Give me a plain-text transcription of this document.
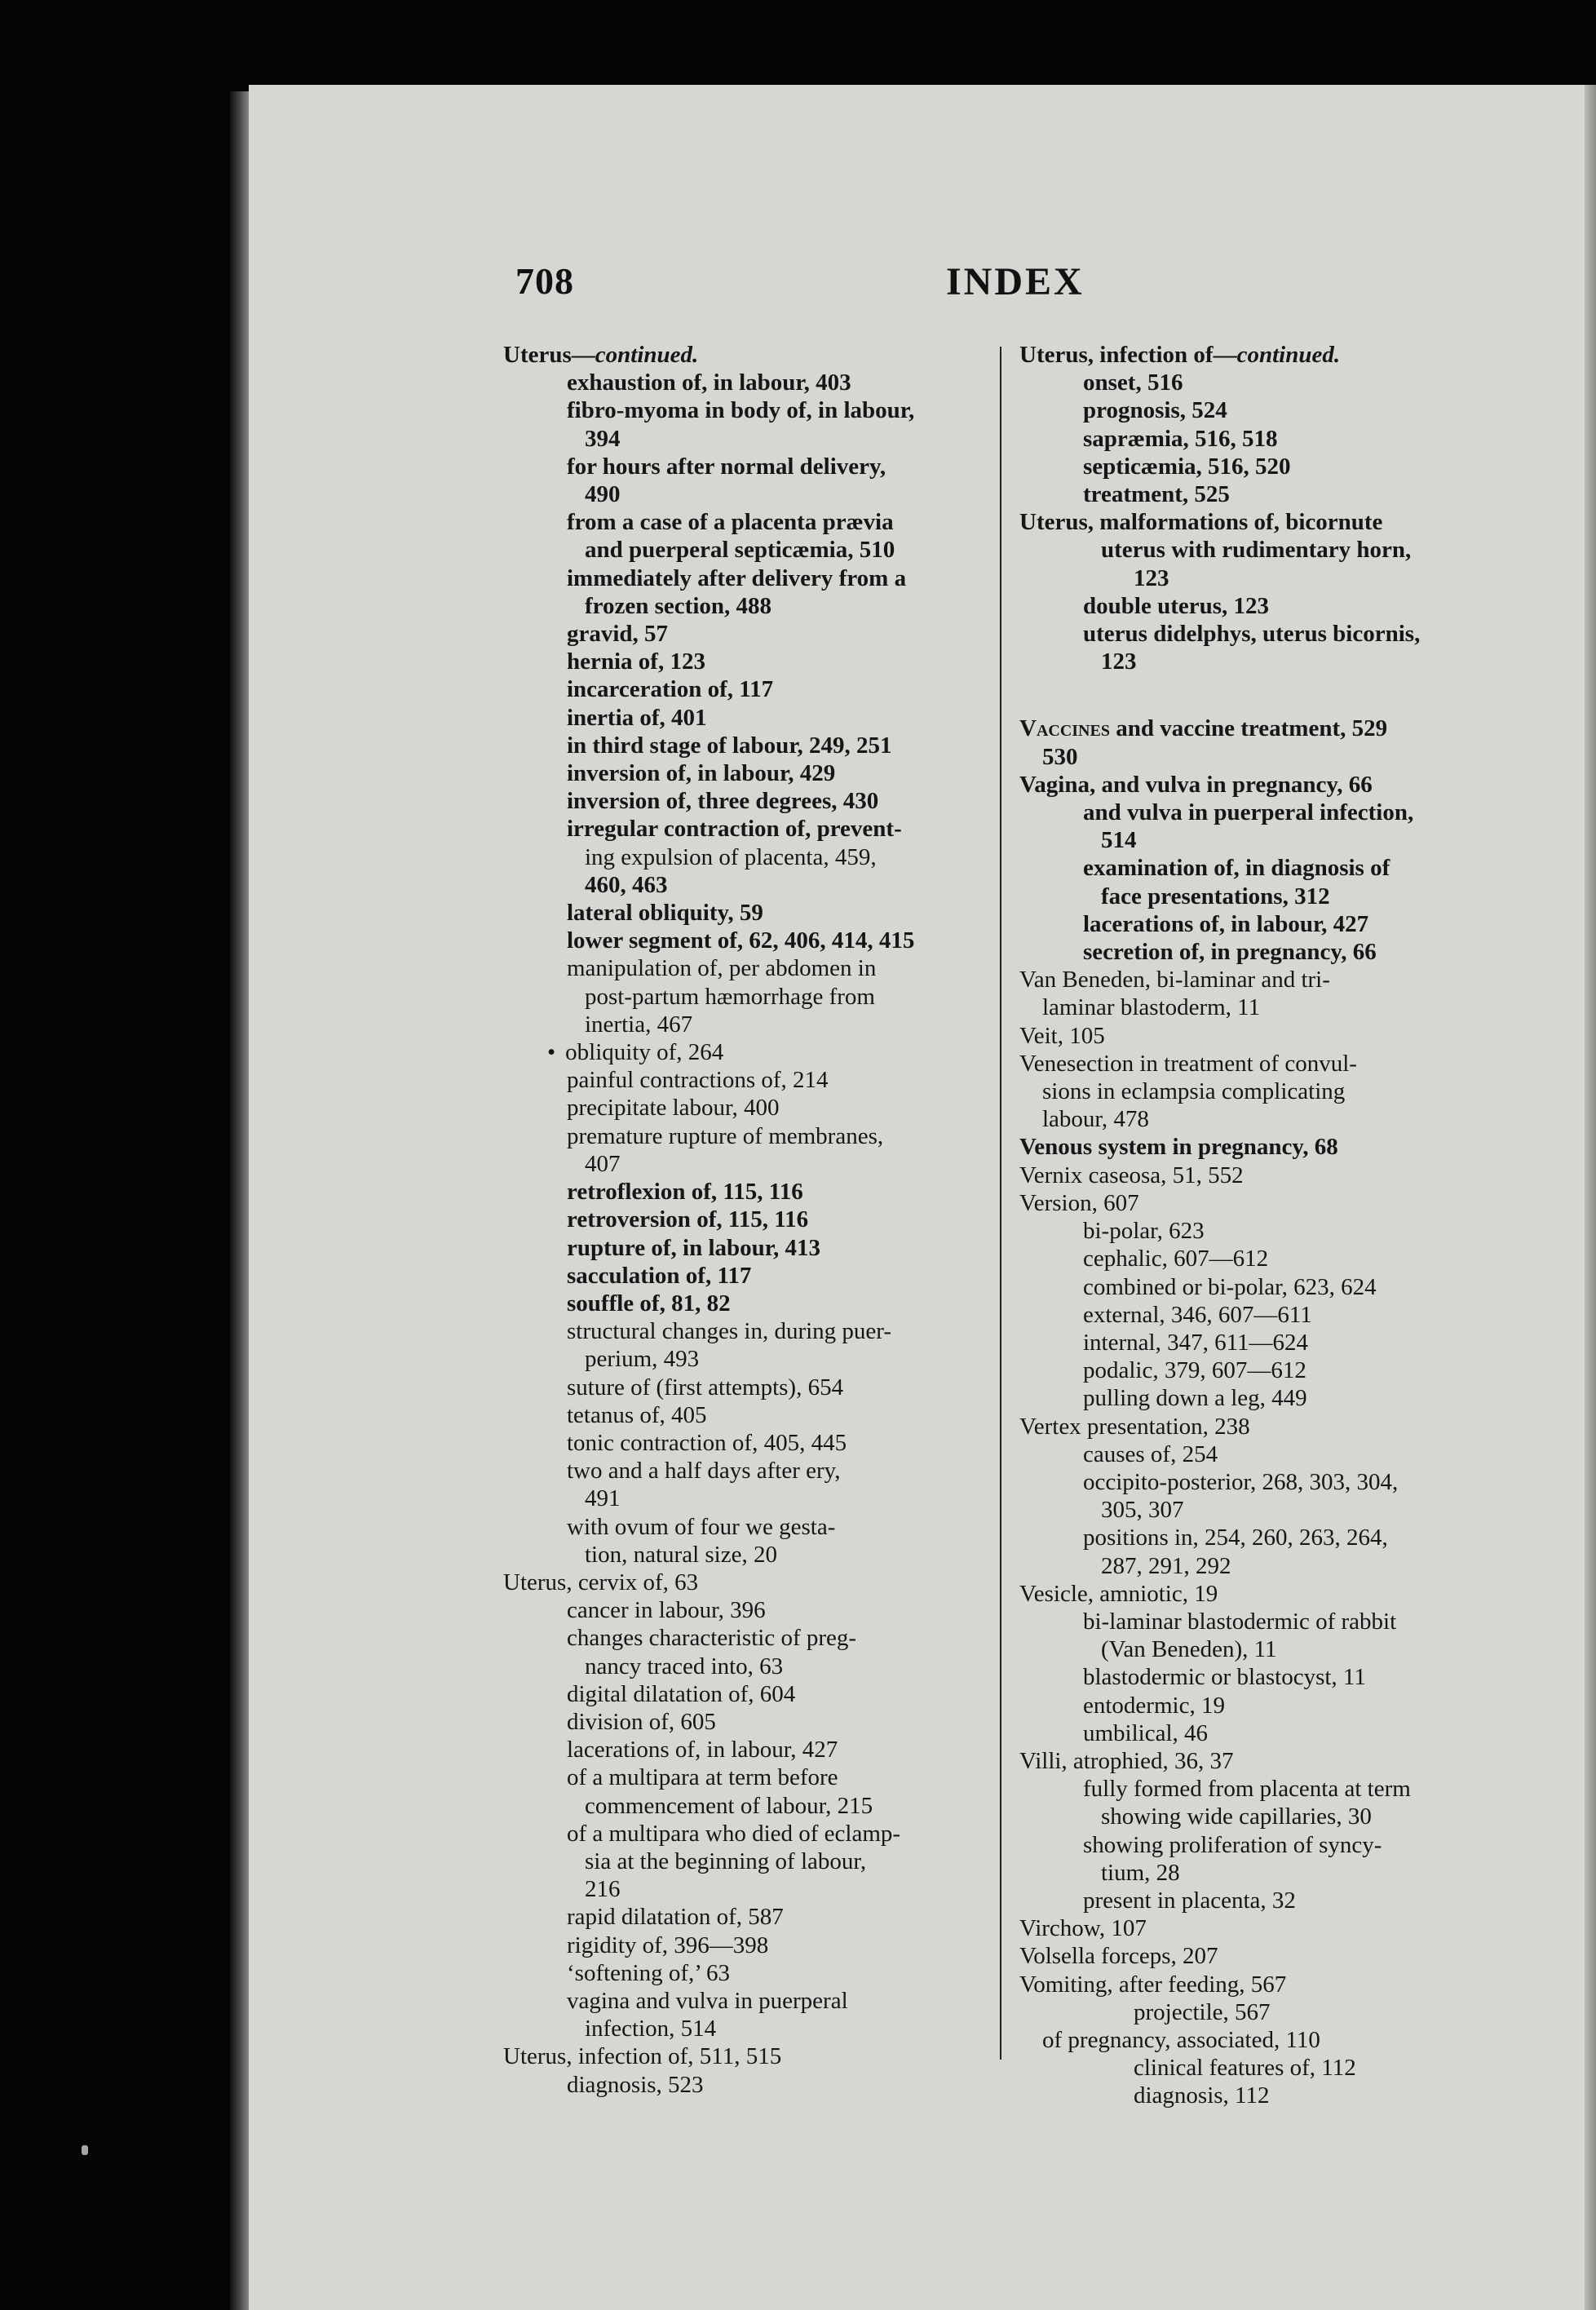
708	INDEX
Uterus—continued.
exhaustion of, in labour, 403
fibro-myoma in body of, in labour,
394
for hours after normal delivery,
490
from a case of a placenta prævia
and puerperal septicæmia, 510
immediately after delivery from a
frozen section, 488
gravid, 57
hernia of, 123
incarceration of, 117
inertia of, 401
in third stage of labour, 249, 251
inversion of, in labour, 429
inversion of, three degrees, 430
irregular contraction of, prevent-
ing expulsion of placenta, 459,
460, 463
lateral obliquity, 59
lower segment of, 62, 406, 414, 415
manipulation of, per abdomen in
post-partum hæmorrhage from
inertia, 467
• obliquity of, 264
painful contractions of, 214
precipitate labour, 400
premature rupture of membranes,
407
retroflexion of, 115, 116
retroversion of, 115, 116
rupture of, in labour, 413
sacculation of, 117
souffle of, 81, 82
structural changes in, during puer-
perium, 493
suture of (first attempts), 654
tetanus of, 405
tonic contraction of, 405, 445
two and a half days after ery,
491
with ovum of four we gesta-
tion, natural size, 20
Uterus, cervix of, 63
cancer in labour, 396
changes characteristic of preg-
nancy traced into, 63
digital dilatation of, 604
division of, 605
lacerations of, in labour, 427
of a multipara at term before
commencement of labour, 215
of a multipara who died of eclamp-
sia at the beginning of labour,
216
rapid dilatation of, 587
rigidity of, 396—398
‘softening of,’ 63
vagina and vulva in puerperal
infection, 514
Uterus, infection of, 511, 515
diagnosis, 523
Uterus, infection of—continued.
onset, 516
prognosis, 524
sapræmia, 516, 518
septicæmia, 516, 520
treatment, 525
Uterus, malformations of, bicornute
uterus with rudimentary horn,
123
double uterus, 123
uterus didelphys, uterus bicornis,
123
Vaccines and vaccine treatment, 529
530
Vagina, and vulva in pregnancy, 66
and vulva in puerperal infection,
514
examination of, in diagnosis of
face presentations, 312
lacerations of, in labour, 427
secretion of, in pregnancy, 66
Van Beneden, bi-laminar and tri-
laminar blastoderm, 11
Veit, 105
Venesection in treatment of convul-
sions in eclampsia complicating
labour, 478
Venous system in pregnancy, 68
Vernix caseosa, 51, 552
Version, 607
bi-polar, 623
cephalic, 607—612
combined or bi-polar, 623, 624
external, 346, 607—611
internal, 347, 611—624
podalic, 379, 607—612
pulling down a leg, 449
Vertex presentation, 238
causes of, 254
occipito-posterior, 268, 303, 304,
305, 307
positions in, 254, 260, 263, 264,
287, 291, 292
Vesicle, amniotic, 19
bi-laminar blastodermic of rabbit
(Van Beneden), 11
blastodermic or blastocyst, 11
entodermic, 19
umbilical, 46
Villi, atrophied, 36, 37
fully formed from placenta at term
showing wide capillaries, 30
showing proliferation of syncy-
tium, 28
present in placenta, 32
Virchow, 107
Volsella forceps, 207
Vomiting, after feeding, 567
projectile, 567
of pregnancy, associated, 110
clinical features of, 112
diagnosis, 112
